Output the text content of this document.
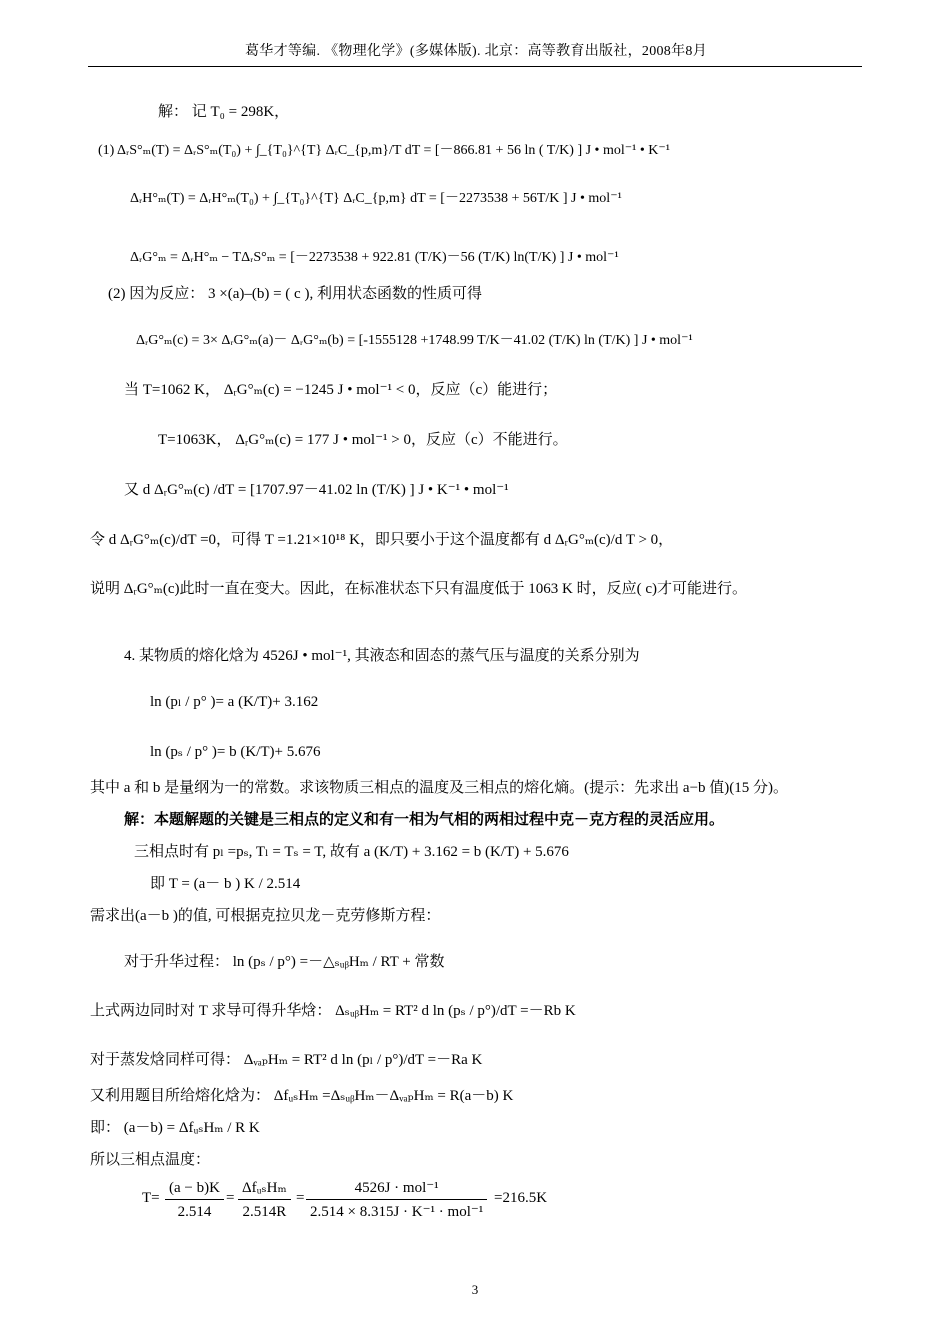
葛华才等编. 《物理化学》(多媒体版). 北京：高等教育出版社，2008年8月
解： 记 T₀ = 298K，
(1) ΔᵣS°ₘ(T) = ΔᵣS°ₘ(T₀) + ∫_{T₀}^{T} ΔᵣC_{p,m}/T dT = [－866.81 + 56 ln ( T/K) ] J • mol⁻¹ • K⁻¹
ΔᵣH°ₘ(T) = ΔᵣH°ₘ(T₀) + ∫_{T₀}^{T} ΔᵣC_{p,m} dT = [－2273538 + 56T/K ] J • mol⁻¹
ΔᵣG°ₘ = ΔᵣH°ₘ − TΔᵣS°ₘ = [－2273538 + 922.81 (T/K)－56 (T/K) ln(T/K) ] J • mol⁻¹
(2) 因为反应： 3 ×(a)–(b) = ( c ), 利用状态函数的性质可得
ΔᵣG°ₘ(c) = 3× ΔᵣG°ₘ(a)－ ΔᵣG°ₘ(b) = [-1555128 +1748.99 T/K－41.02 (T/K) ln (T/K) ] J • mol⁻¹
当 T=1062 K， ΔᵣG°ₘ(c) = −1245 J • mol⁻¹ < 0，反应（c）能进行；
T=1063K， ΔᵣG°ₘ(c) = 177 J • mol⁻¹ > 0，反应（c）不能进行。
又 d ΔᵣG°ₘ(c) /dT = [1707.97－41.02 ln (T/K) ] J • K⁻¹ • mol⁻¹
令 d ΔᵣG°ₘ(c)/dT =0，可得 T =1.21×10¹⁸ K，即只要小于这个温度都有 d ΔᵣG°ₘ(c)/d T > 0，
说明 ΔᵣG°ₘ(c)此时一直在变大。因此，在标准状态下只有温度低于 1063 K 时，反应( c)才可能进行。
4. 某物质的熔化焓为 4526J • mol⁻¹, 其液态和固态的蒸气压与温度的关系分别为
ln (pₗ / p° )= a (K/T)+ 3.162
ln (pₛ / p° )= b (K/T)+ 5.676
其中 a 和 b 是量纲为一的常数。求该物质三相点的温度及三相点的熔化熵。(提示：先求出 a−b 值)(15 分)。
解：本题解题的关键是三相点的定义和有一相为气相的两相过程中克－克方程的灵活应用。
三相点时有 pₗ =pₛ, Tₗ = Tₛ = T, 故有 a (K/T) + 3.162 = b (K/T) + 5.676
即 T = (a－ b ) K / 2.514
需求出(a－b )的值, 可根据克拉贝龙－克劳修斯方程：
对于升华过程： ln (pₛ / p°) =－△ₛᵤᵦHₘ / RT + 常数
上式两边同时对 T 求导可得升华焓： ΔₛᵤᵦHₘ = RT² d ln (pₛ / p°)/dT =－Rb K
对于蒸发焓同样可得： ΔᵥₐₚHₘ = RT² d ln (pₗ / p°)/dT =－Ra K
又利用题目所给熔化焓为： ΔfᵤₛHₘ =ΔₛᵤᵦHₘ－ΔᵥₐₚHₘ = R(a－b) K
即： (a－b) = ΔfᵤₛHₘ / R K
所以三相点温度：
$T= \frac{(a - b)K}{2.514}$ =
ΔfᵤₛHₘ
2.514R
=
4526J · mol⁻¹
2.514 × 8.315J · K⁻¹ · mol⁻¹
=216.5K
3
